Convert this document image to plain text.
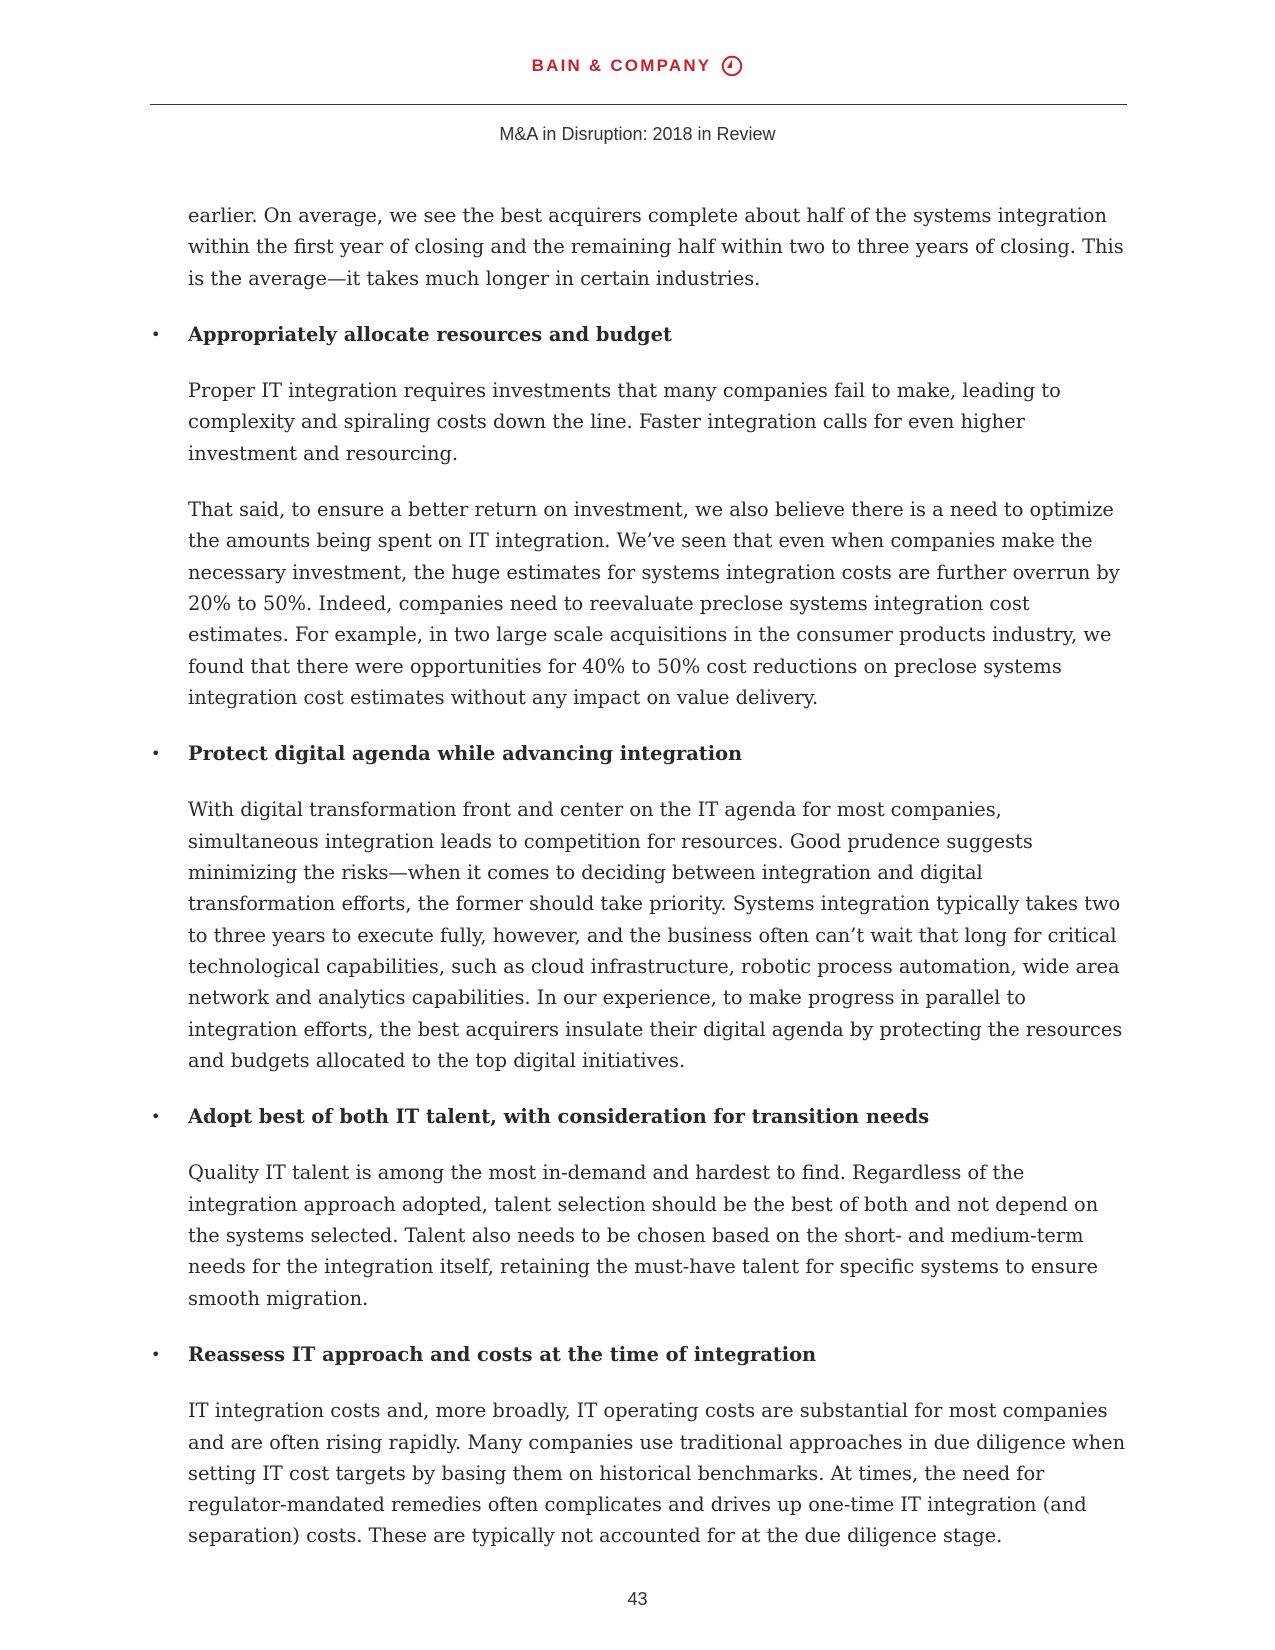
BAIN & COMPANY
M&A in Disruption: 2018 in Review

earlier. On average, we see the best acquirers complete about half of the systems integration within the first year of closing and the remaining half within two to three years of closing. This is the average—it takes much longer in certain industries.

• Appropriately allocate resources and budget

Proper IT integration requires investments that many companies fail to make, leading to complexity and spiraling costs down the line. Faster integration calls for even higher investment and resourcing.

That said, to ensure a better return on investment, we also believe there is a need to optimize the amounts being spent on IT integration. We’ve seen that even when companies make the necessary investment, the huge estimates for systems integration costs are further overrun by 20% to 50%. Indeed, companies need to reevaluate preclose systems integration cost estimates. For example, in two large scale acquisitions in the consumer products industry, we found that there were opportunities for 40% to 50% cost reductions on preclose systems integration cost estimates without any impact on value delivery.

• Protect digital agenda while advancing integration

With digital transformation front and center on the IT agenda for most companies, simultaneous integration leads to competition for resources. Good prudence suggests minimizing the risks—when it comes to deciding between integration and digital transformation efforts, the former should take priority. Systems integration typically takes two to three years to execute fully, however, and the business often can’t wait that long for critical technological capabilities, such as cloud infrastructure, robotic process automation, wide area network and analytics capabilities. In our experience, to make progress in parallel to integration efforts, the best acquirers insulate their digital agenda by protecting the resources and budgets allocated to the top digital initiatives.

• Adopt best of both IT talent, with consideration for transition needs

Quality IT talent is among the most in-demand and hardest to find. Regardless of the integration approach adopted, talent selection should be the best of both and not depend on the systems selected. Talent also needs to be chosen based on the short- and medium-term needs for the integration itself, retaining the must-have talent for specific systems to ensure smooth migration.

• Reassess IT approach and costs at the time of integration

IT integration costs and, more broadly, IT operating costs are substantial for most companies and are often rising rapidly. Many companies use traditional approaches in due diligence when setting IT cost targets by basing them on historical benchmarks. At times, the need for regulator-mandated remedies often complicates and drives up one-time IT integration (and separation) costs. These are typically not accounted for at the due diligence stage.

43
